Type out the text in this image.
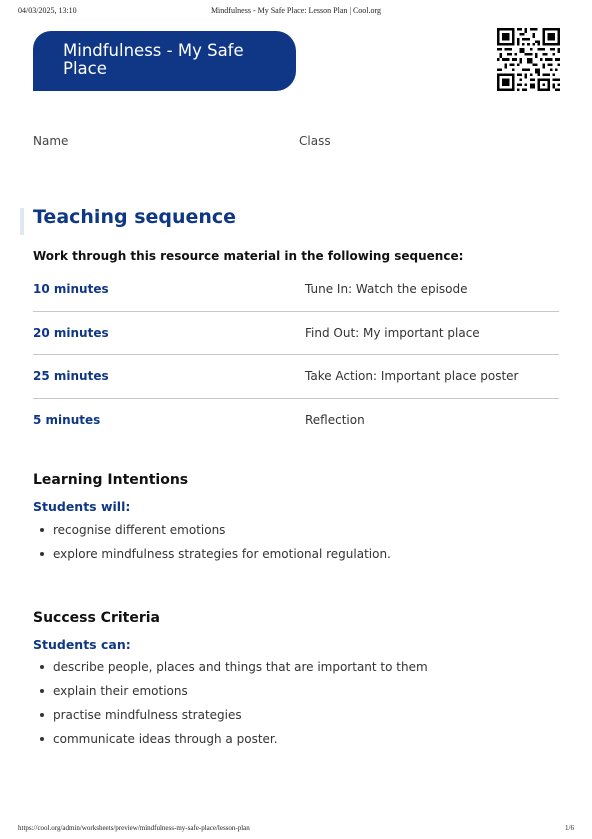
04/03/2025, 13:10	Mindfulness - My Safe Place: Lesson Plan | Cool.org
Mindfulness - My Safe Place
Name	Class
Teaching sequence

Work through this resource material in the following sequence:

10 minutes	Tune In: Watch the episode
20 minutes	Find Out: My important place
25 minutes	Take Action: Important place poster
5 minutes	Reflection
Learning Intentions

Students will:

recognise different emotions
explore mindfulness strategies for emotional regulation.
Success Criteria

Students can:

describe people, places and things that are important to them
explain their emotions
practise mindfulness strategies
communicate ideas through a poster.
https://cool.org/admin/worksheets/preview/mindfulness-my-safe-place/lesson-plan	1/6
